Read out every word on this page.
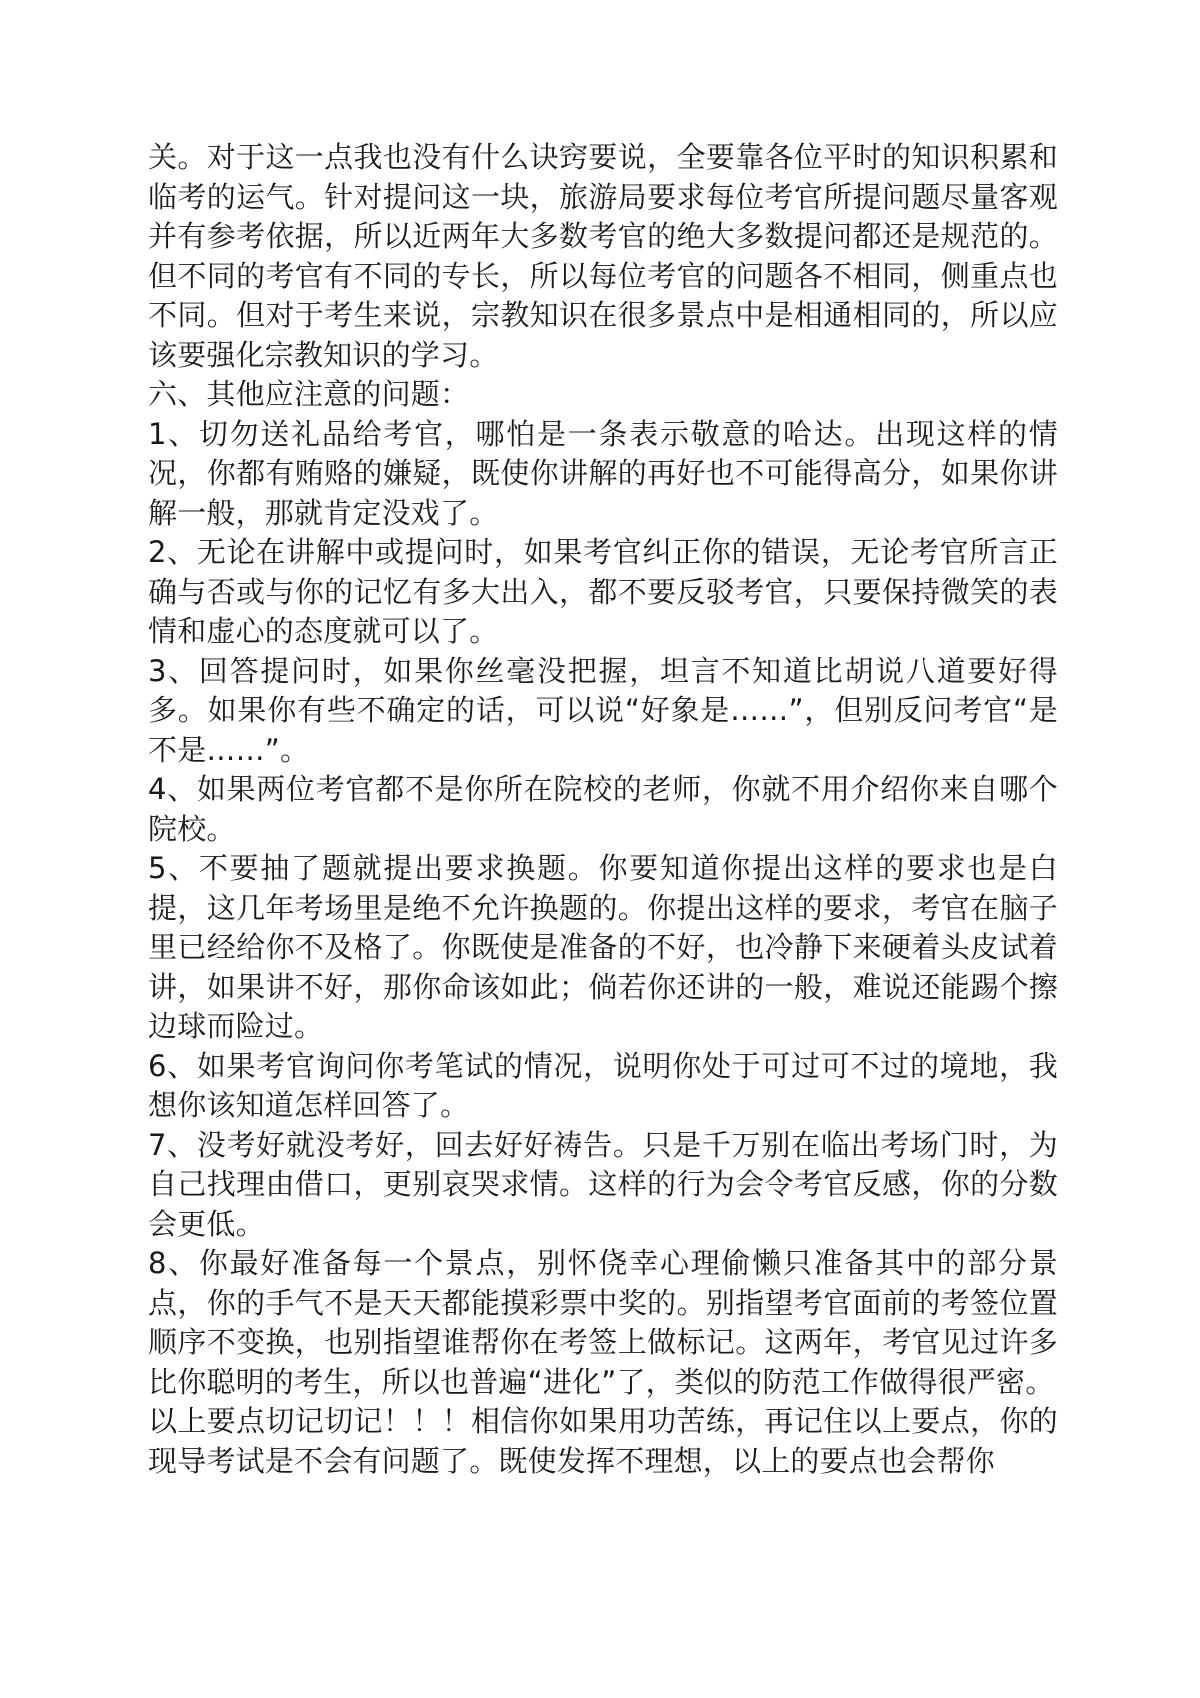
关。对于这一点我也没有什么诀窍要说，全要靠各位平时的知识积累和临考的运气。针对提问这一块，旅游局要求每位考官所提问题尽量客观并有参考依据，所以近两年大多数考官的绝大多数提问都还是规范的。但不同的考官有不同的专长，所以每位考官的问题各不相同，侧重点也不同。但对于考生来说，宗教知识在很多景点中是相通相同的，所以应该要强化宗教知识的学习。

六、其他应注意的问题：

1、切勿送礼品给考官，哪怕是一条表示敬意的哈达。出现这样的情况，你都有贿赂的嫌疑，既使你讲解的再好也不可能得高分，如果你讲解一般，那就肯定没戏了。

2、无论在讲解中或提问时，如果考官纠正你的错误，无论考官所言正确与否或与你的记忆有多大出入，都不要反驳考官，只要保持微笑的表情和虚心的态度就可以了。

3、回答提问时，如果你丝毫没把握，坦言不知道比胡说八道要好得多。如果你有些不确定的话，可以说“好象是……”，但别反问考官“是不是……”。

4、如果两位考官都不是你所在院校的老师，你就不用介绍你来自哪个院校。

5、不要抽了题就提出要求换题。你要知道你提出这样的要求也是白提，这几年考场里是绝不允许换题的。你提出这样的要求，考官在脑子里已经给你不及格了。你既使是准备的不好，也冷静下来硬着头皮试着讲，如果讲不好，那你命该如此；倘若你还讲的一般，难说还能踢个擦边球而险过。

6、如果考官询问你考笔试的情况，说明你处于可过可不过的境地，我想你该知道怎样回答了。

7、没考好就没考好，回去好好祷告。只是千万别在临出考场门时，为自己找理由借口，更别哀哭求情。这样的行为会令考官反感，你的分数会更低。

8、你最好准备每一个景点，别怀侥幸心理偷懒只准备其中的部分景点，你的手气不是天天都能摸彩票中奖的。别指望考官面前的考签位置顺序不变换，也别指望谁帮你在考签上做标记。这两年，考官见过许多比你聪明的考生，所以也普遍“进化”了，类似的防范工作做得很严密。

以上要点切记切记！！！相信你如果用功苦练，再记住以上要点，你的现导考试是不会有问题了。既使发挥不理想，以上的要点也会帮你
